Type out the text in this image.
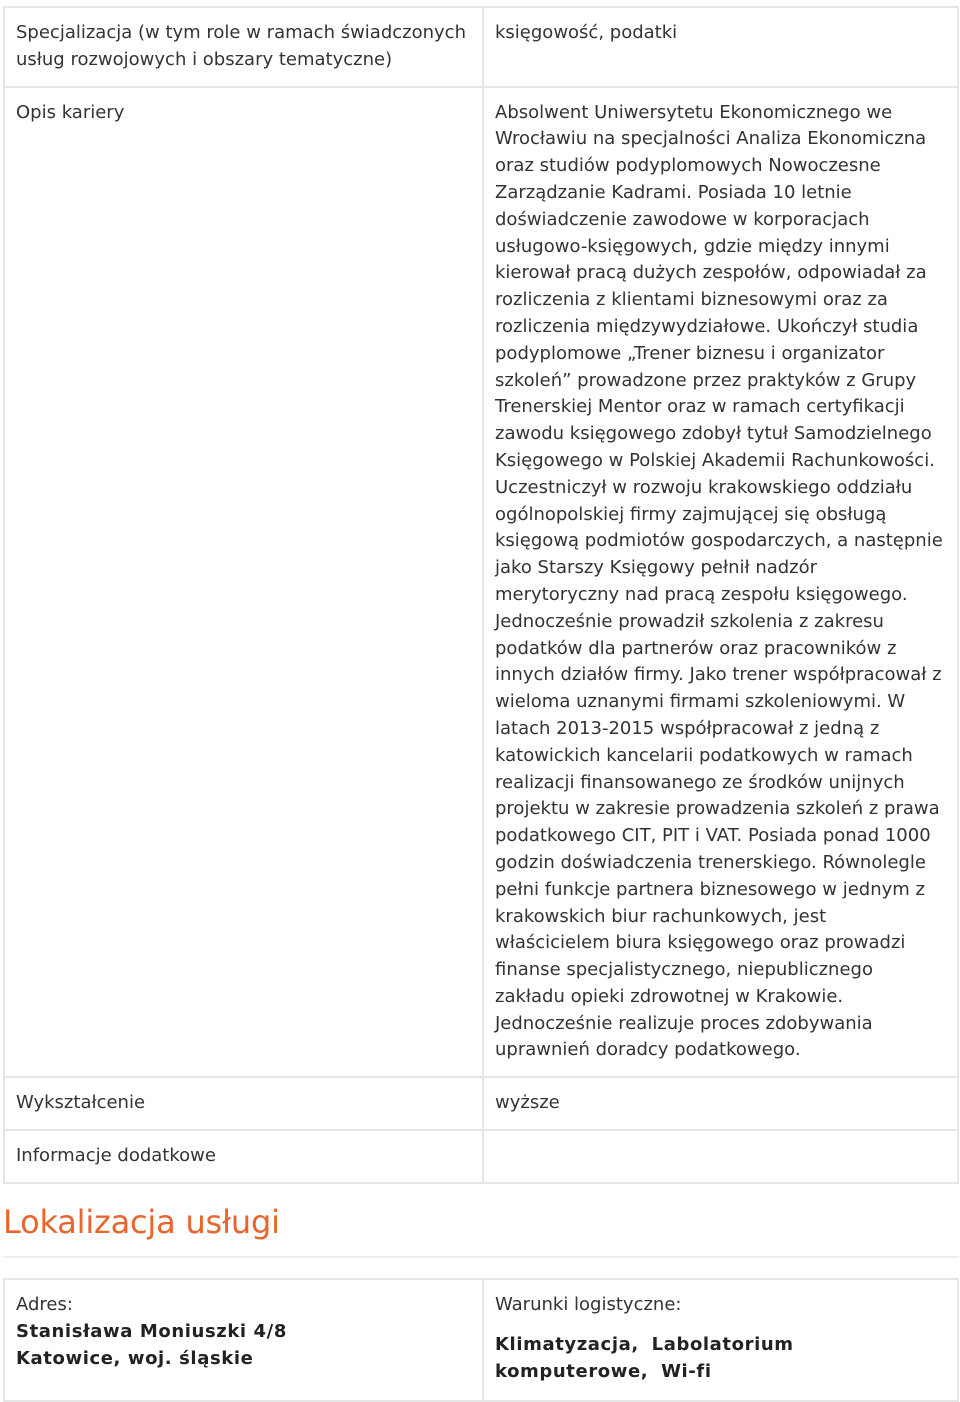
Specjalizacja (w tym role w ramach świadczonych usług rozwojowych i obszary tematyczne)	księgowość, podatki
Opis kariery	Absolwent Uniwersytetu Ekonomicznego we Wrocławiu na specjalności Analiza Ekonomiczna oraz studiów podyplomowych Nowoczesne Zarządzanie Kadrami. Posiada 10 letnie doświadczenie zawodowe w korporacjach usługowo-księgowych, gdzie między innymi kierował pracą dużych zespołów, odpowiadał za rozliczenia z klientami biznesowymi oraz za rozliczenia międzywydziałowe. Ukończył studia podyplomowe „Trener biznesu i organizator szkoleń” prowadzone przez praktyków z Grupy Trenerskiej Mentor oraz w ramach certyfikacji zawodu księgowego zdobył tytuł Samodzielnego Księgowego w Polskiej Akademii Rachunkowości. Uczestniczył w rozwoju krakowskiego oddziału ogólnopolskiej firmy zajmującej się obsługą księgową podmiotów gospodarczych, a następnie jako Starszy Księgowy pełnił nadzór merytoryczny nad pracą zespołu księgowego. Jednocześnie prowadził szkolenia z zakresu podatków dla partnerów oraz pracowników z innych działów firmy. Jako trener współpracował z wieloma uznanymi firmami szkoleniowymi. W latach 2013-2015 współpracował z jedną z katowickich kancelarii podatkowych w ramach realizacji finansowanego ze środków unijnych projektu w zakresie prowadzenia szkoleń z prawa podatkowego CIT, PIT i VAT. Posiada ponad 1000 godzin doświadczenia trenerskiego. Równolegle pełni funkcje partnera biznesowego w jednym z krakowskich biur rachunkowych, jest właścicielem biura księgowego oraz prowadzi finanse specjalistycznego, niepublicznego zakładu opieki zdrowotnej w Krakowie. Jednocześnie realizuje proces zdobywania uprawnień doradcy podatkowego.
Wykształcenie	wyższe
Informacje dodatkowe	
Lokalizacja usługi
Adres:
Stanisława Moniuszki 4/8
Katowice, woj. śląskie

Warunki logistyczne:
Klimatyzacja, Labolatorium komputerowe, Wi-fi
